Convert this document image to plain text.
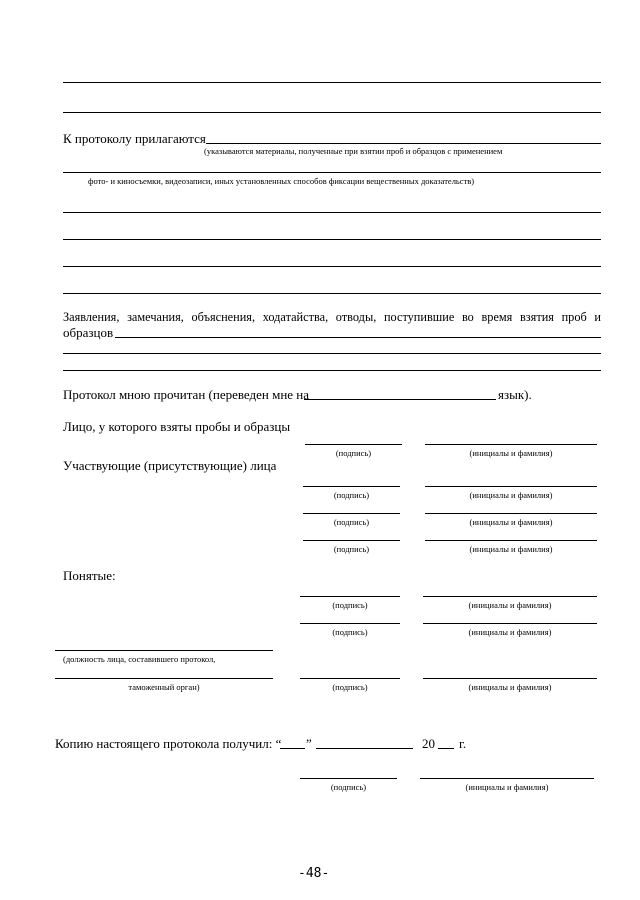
К протоколу прилагаются
(указываются материалы, полученные при взятии проб и образцов с применением
фото- и киносъемки, видеозаписи, иных установленных способов фиксации вещественных доказательств)
Заявления, замечания, объяснения, ходатайства, отводы, поступившие во время взятия проб и
образцов
Протокол мною прочитан (переведен мне на	язык).
Лицо, у которого взяты пробы и образцы
(подпись)	(инициалы и фамилия)
Участвующие (присутствующие) лица
(подпись)	(инициалы и фамилия)
(подпись)	(инициалы и фамилия)
(подпись)	(инициалы и фамилия)
Понятые:
(подпись)	(инициалы и фамилия)
(подпись)	(инициалы и фамилия)
(должность лица, составившего протокол,
таможенный орган)	(подпись)	(инициалы и фамилия)
Копию настоящего протокола получил: “ ”	20 г.
(подпись)	(инициалы и фамилия)
-48-
